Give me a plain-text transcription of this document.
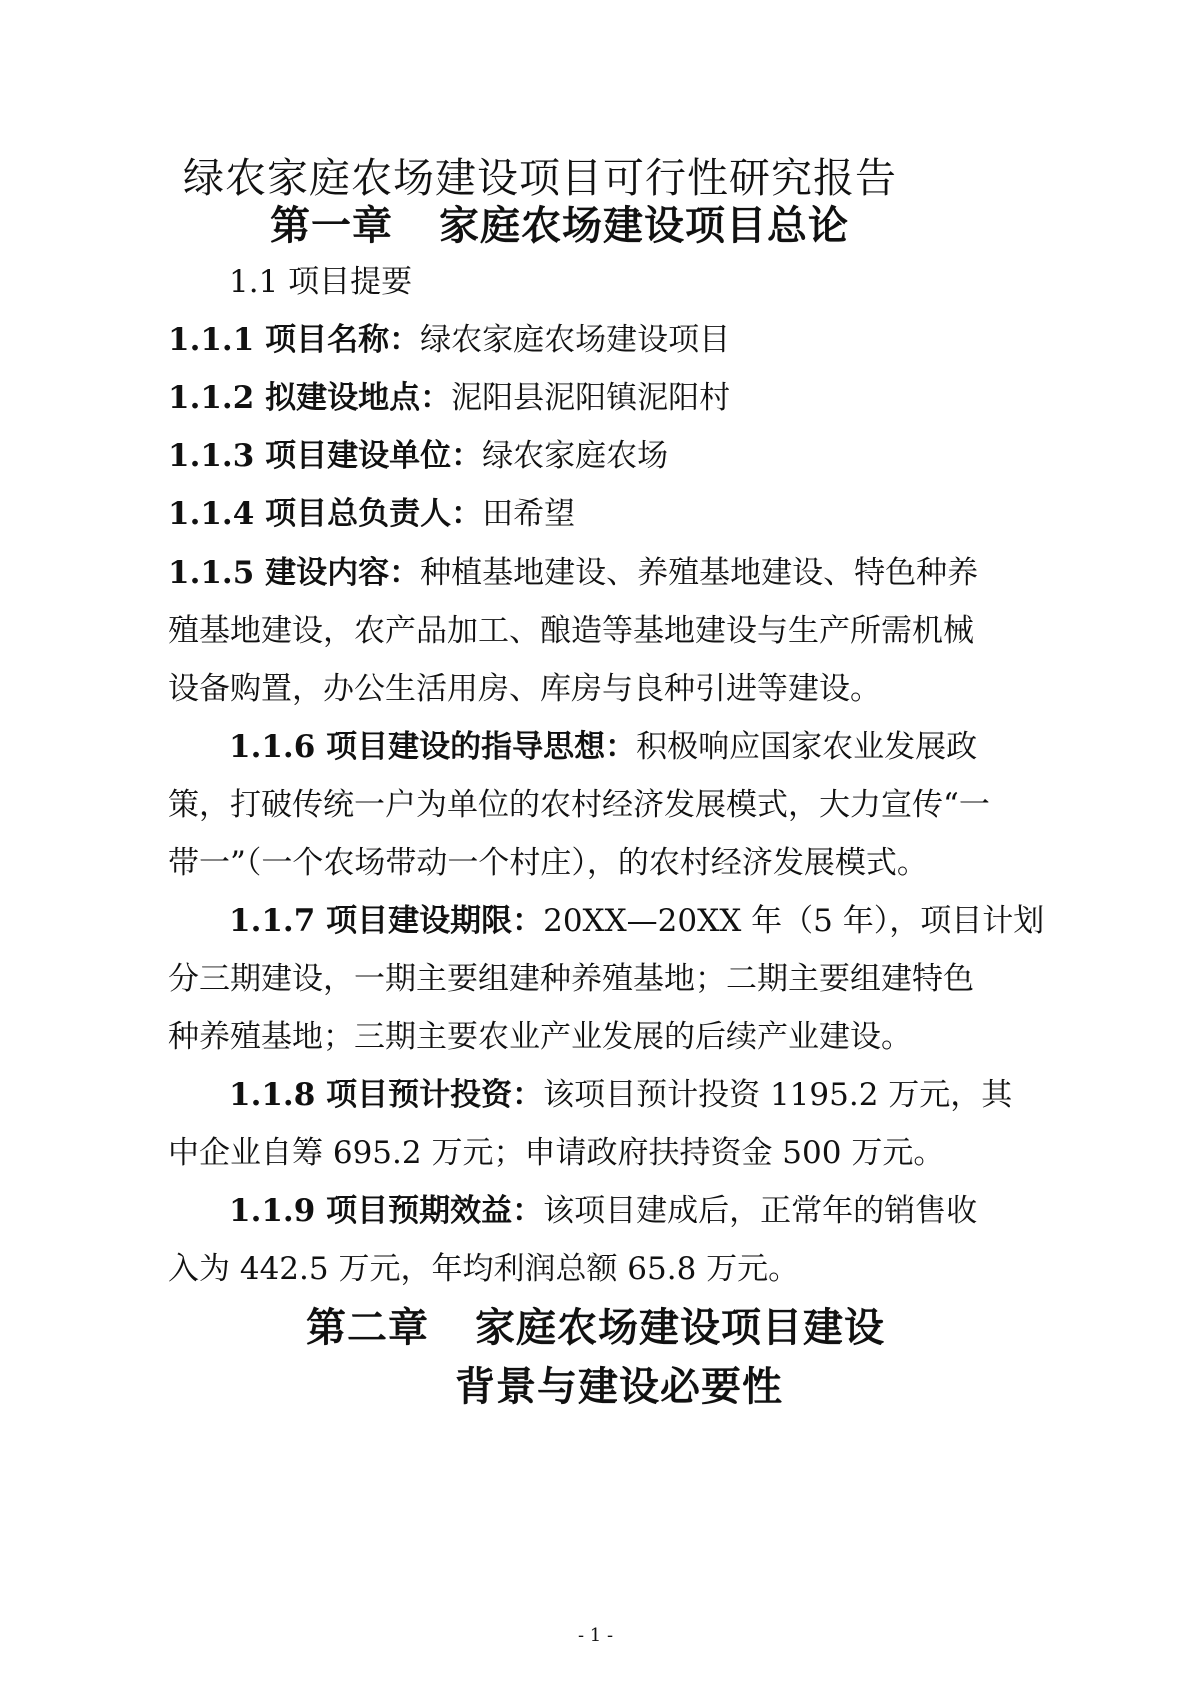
绿农家庭农场建设项目可行性研究报告
第一章 家庭农场建设项目总论
1.1 项目提要
1.1.1 项目名称：绿农家庭农场建设项目
1.1.2 拟建设地点：泥阳县泥阳镇泥阳村
1.1.3 项目建设单位：绿农家庭农场
1.1.4 项目总负责人：田希望
1.1.5 建设内容：种植基地建设、养殖基地建设、特色种养
殖基地建设，农产品加工、酿造等基地建设与生产所需机械
设备购置，办公生活用房、库房与良种引进等建设。
1.1.6 项目建设的指导思想：积极响应国家农业发展政
策，打破传统一户为单位的农村经济发展模式，大力宣传“一
带一”（一个农场带动一个村庄），的农村经济发展模式。
1.1.7 项目建设期限：20XX—20XX 年（5 年），项目计划
分三期建设，一期主要组建种养殖基地；二期主要组建特色
种养殖基地；三期主要农业产业发展的后续产业建设。
1.1.8 项目预计投资：该项目预计投资 1195.2 万元，其
中企业自筹 695.2 万元；申请政府扶持资金 500 万元。
1.1.9 项目预期效益：该项目建成后，正常年的销售收
入为 442.5 万元，年均利润总额 65.8 万元。
第二章 家庭农场建设项目建设
背景与建设必要性
- 1 -
